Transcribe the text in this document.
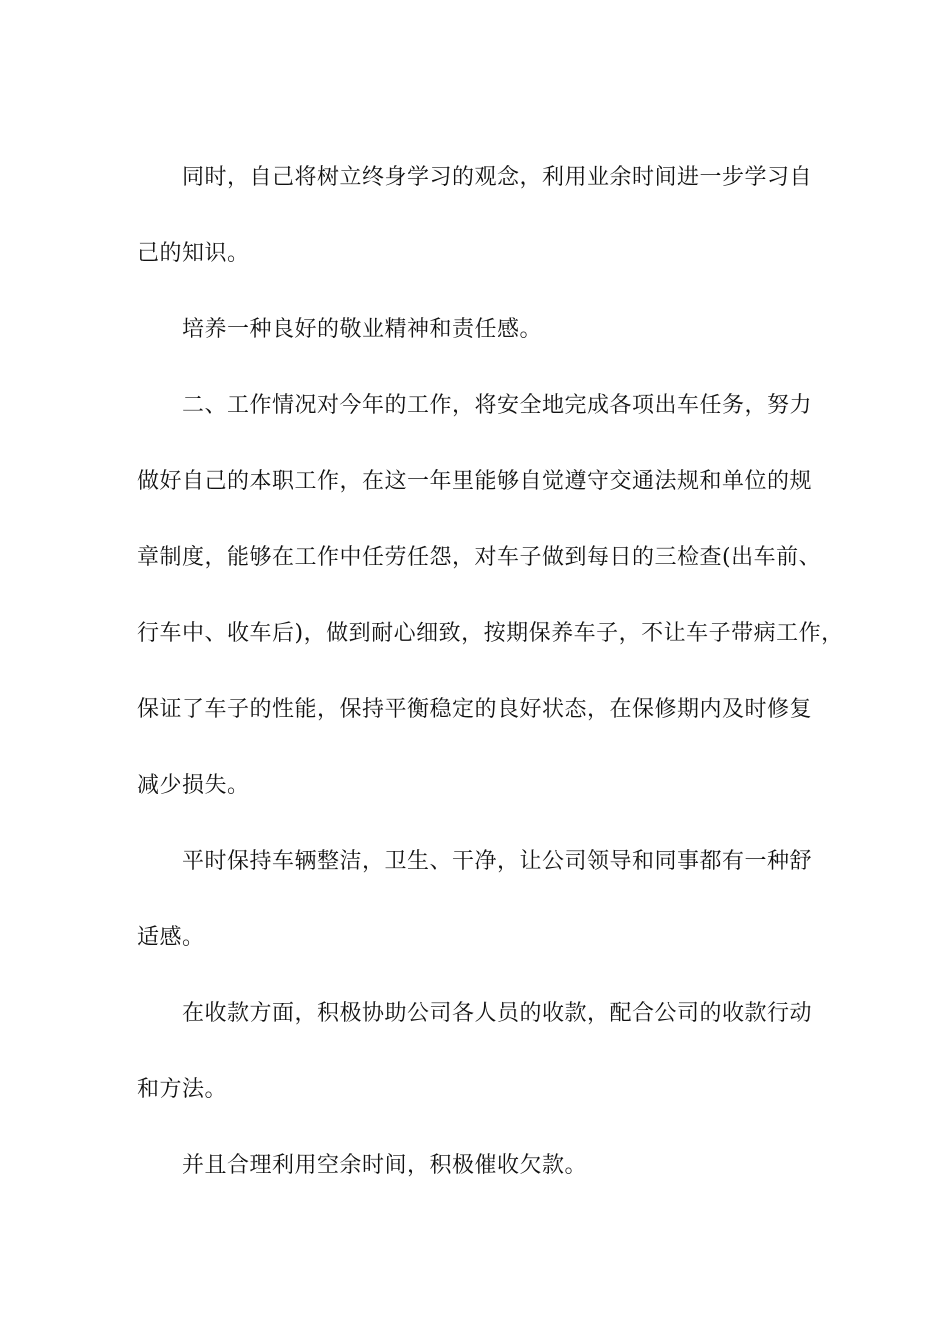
同时，自己将树立终身学习的观念，利用业余时间进一步学习自
己的知识。

培养一种良好的敬业精神和责任感。

二、工作情况对今年的工作，将安全地完成各项出车任务，努力
做好自己的本职工作，在这一年里能够自觉遵守交通法规和单位的规
章制度，能够在工作中任劳任怨，对车子做到每日的三检查(出车前、
行车中、收车后)，做到耐心细致，按期保养车子，不让车子带病工作，
保证了车子的性能，保持平衡稳定的良好状态，在保修期内及时修复
减少损失。

平时保持车辆整洁，卫生、干净，让公司领导和同事都有一种舒
适感。

在收款方面，积极协助公司各人员的收款，配合公司的收款行动
和方法。

并且合理利用空余时间，积极催收欠款。
